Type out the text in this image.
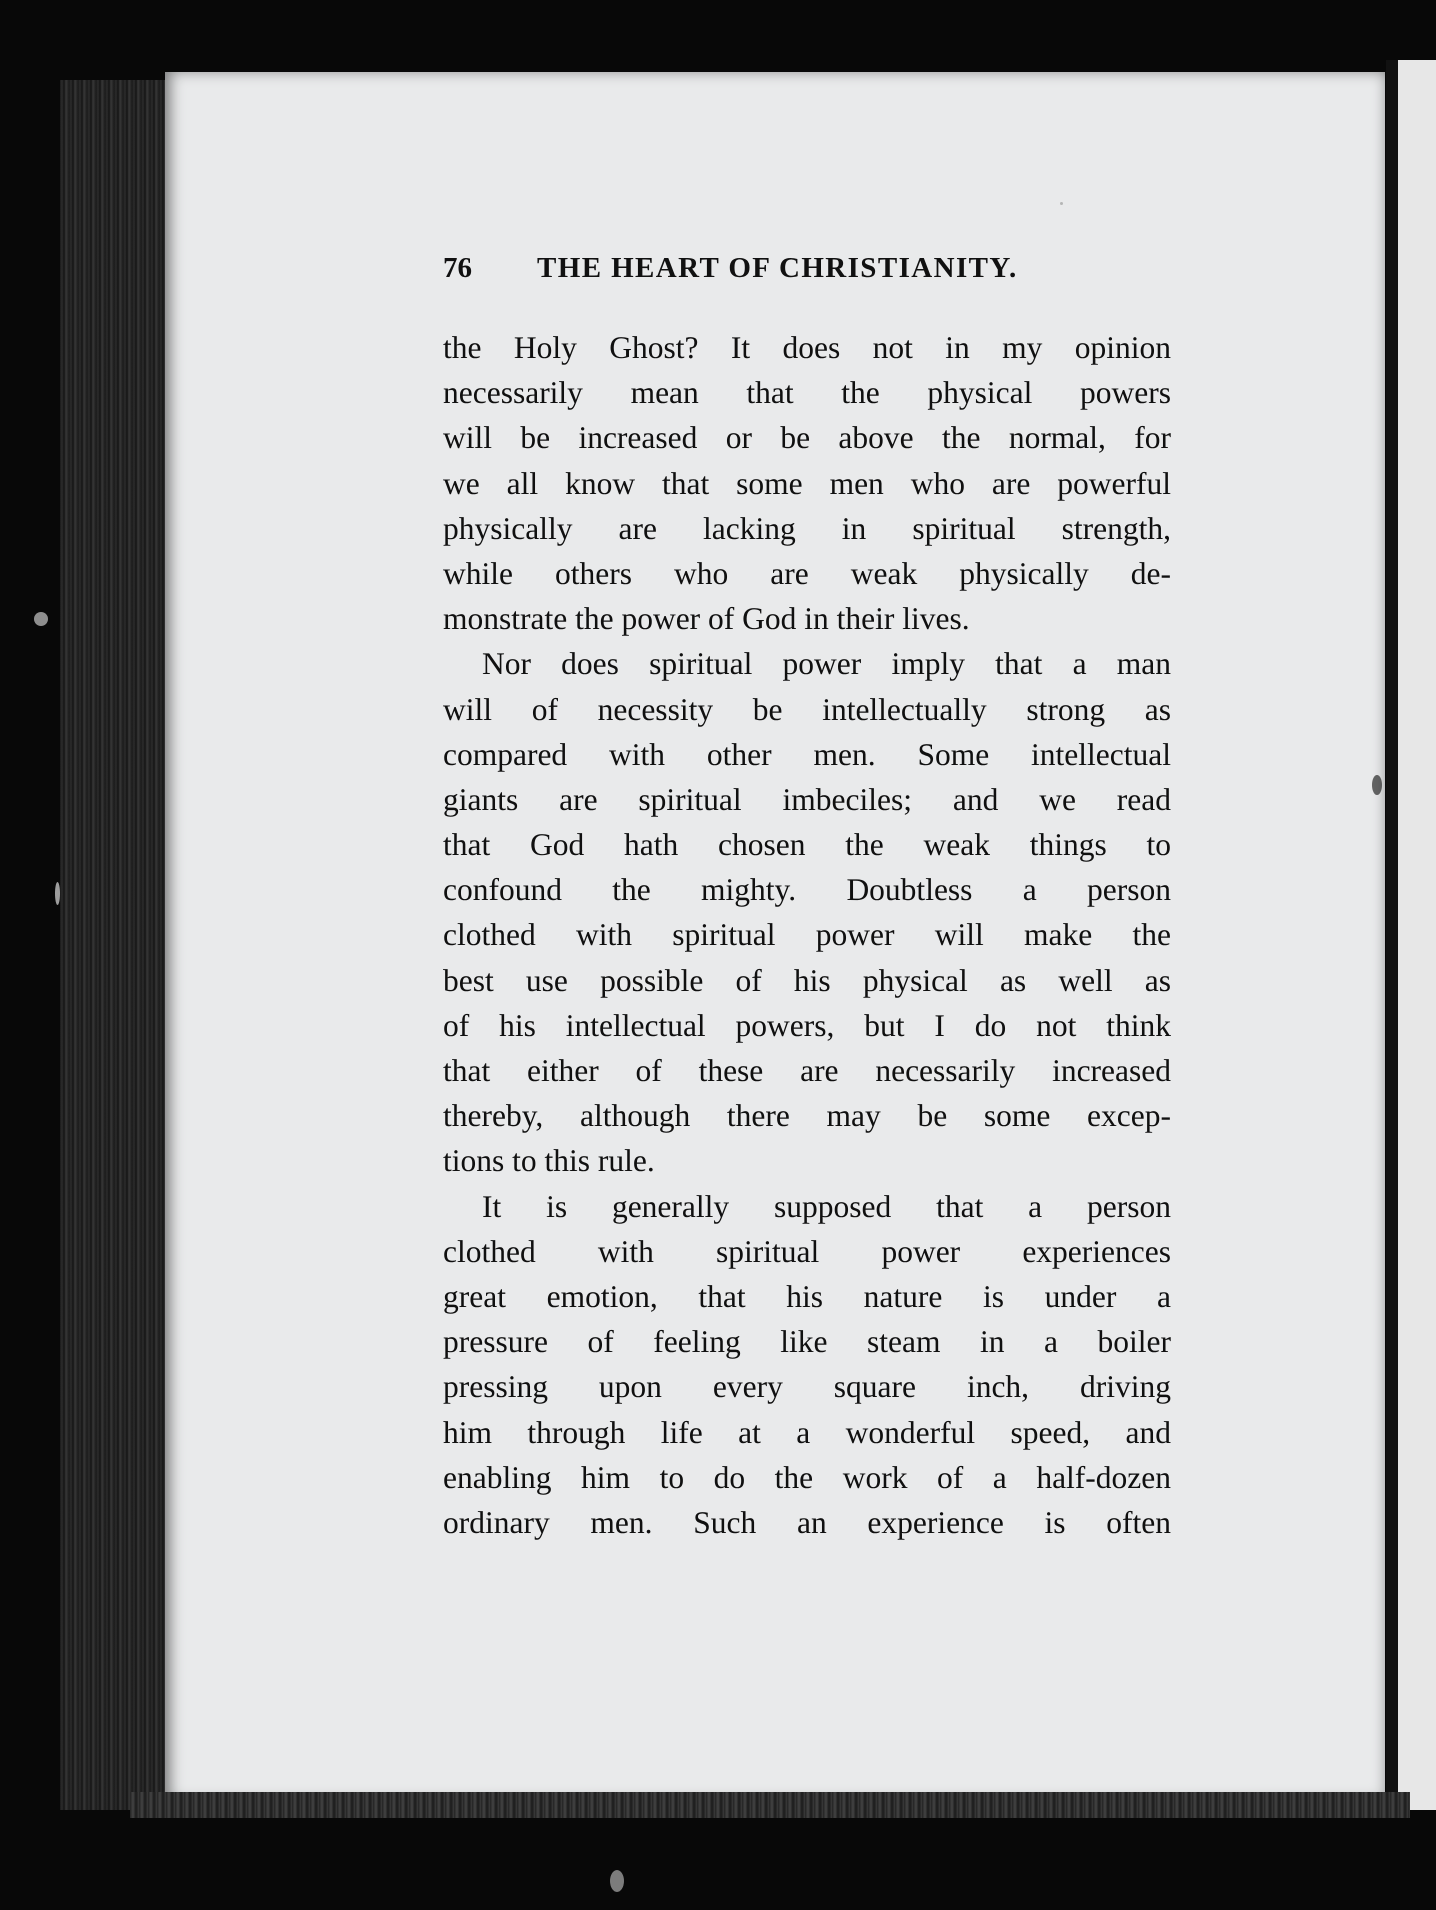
76 THE HEART OF CHRISTIANITY.
the Holy Ghost? It does not in my opinion
necessarily mean that the physical powers
will be increased or be above the normal, for
we all know that some men who are powerful
physically are lacking in spiritual strength,
while others who are weak physically de-
monstrate the power of God in their lives.
Nor does spiritual power imply that a man
will of necessity be intellectually strong as
compared with other men. Some intellectual
giants are spiritual imbeciles; and we read
that God hath chosen the weak things to
confound the mighty. Doubtless a person
clothed with spiritual power will make the
best use possible of his physical as well as
of his intellectual powers, but I do not think
that either of these are necessarily increased
thereby, although there may be some excep-
tions to this rule.
It is generally supposed that a person
clothed with spiritual power experiences
great emotion, that his nature is under a
pressure of feeling like steam in a boiler
pressing upon every square inch, driving
him through life at a wonderful speed, and
enabling him to do the work of a half-dozen
ordinary men. Such an experience is often
